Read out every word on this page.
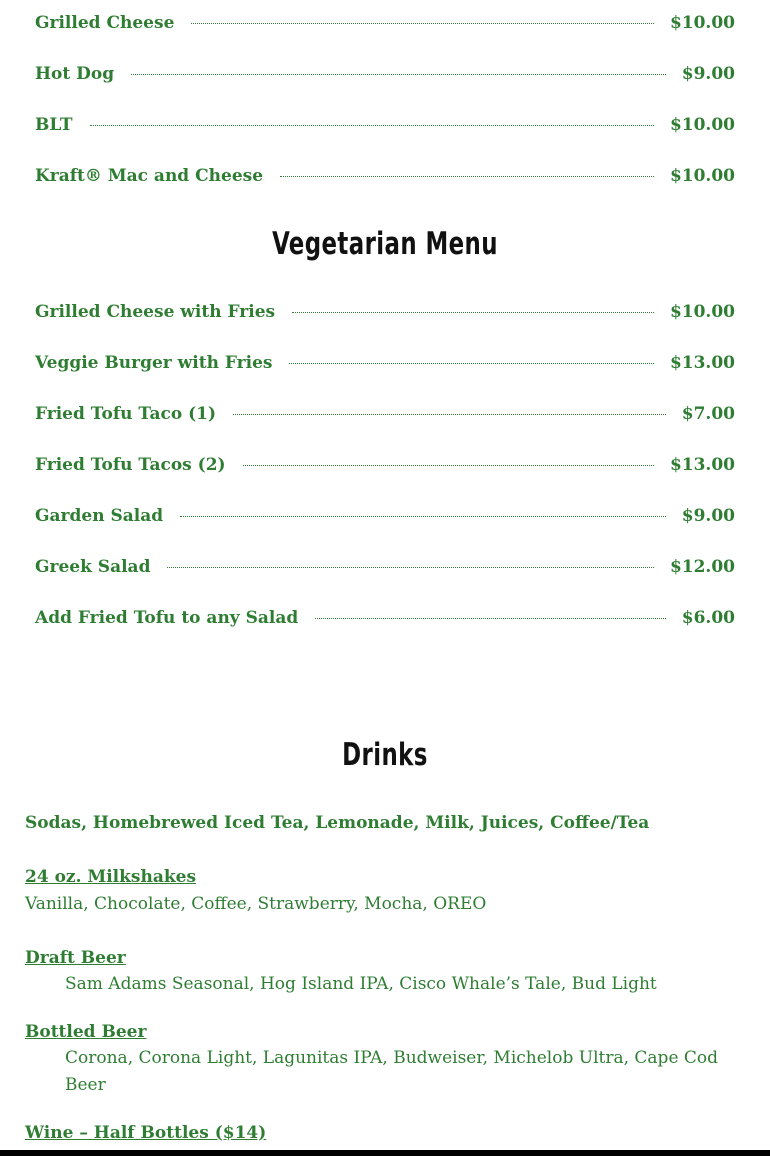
Grilled Cheese	$10.00
Hot Dog	$9.00
BLT	$10.00
Kraft® Mac and Cheese	$10.00
Vegetarian Menu
Grilled Cheese with Fries	$10.00
Veggie Burger with Fries	$13.00
Fried Tofu Taco (1)	$7.00
Fried Tofu Tacos (2)	$13.00
Garden Salad	$9.00
Greek Salad	$12.00
Add Fried Tofu to any Salad	$6.00
Drinks
Sodas, Homebrewed Iced Tea, Lemonade, Milk, Juices, Coffee/Tea
24 oz. Milkshakes
Vanilla, Chocolate, Coffee, Strawberry, Mocha, OREO
Draft Beer
Sam Adams Seasonal, Hog Island IPA, Cisco Whale’s Tale, Bud Light
Bottled Beer
Corona, Corona Light, Lagunitas IPA, Budweiser, Michelob Ultra, Cape Cod Beer
Wine – Half Bottles ($14)
